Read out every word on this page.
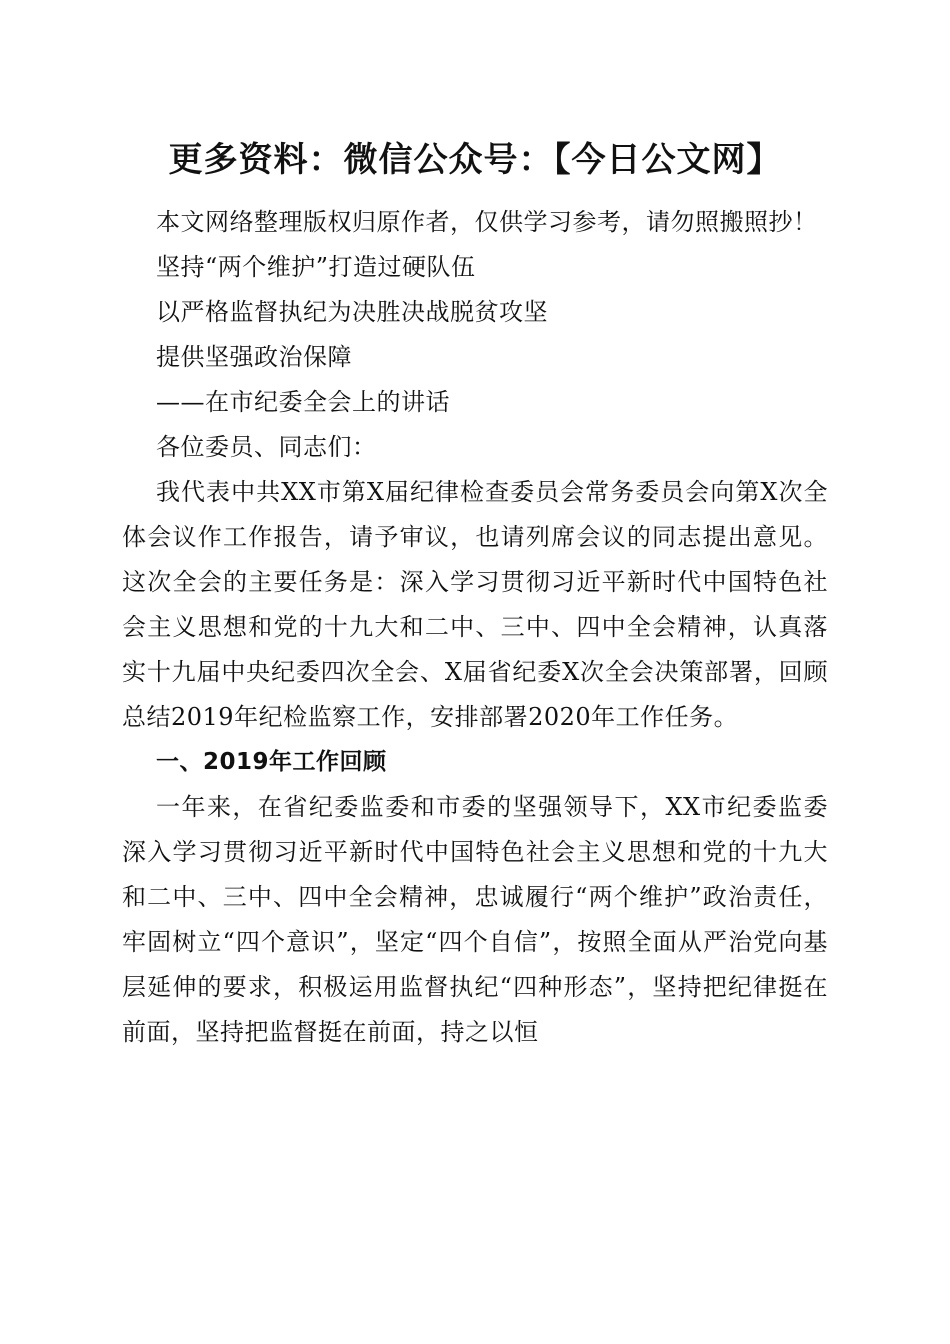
更多资料：微信公众号：【今日公文网】
本文网络整理版权归原作者，仅供学习参考，请勿照搬照抄！
坚持“两个维护”打造过硬队伍
以严格监督执纪为决胜决战脱贫攻坚
提供坚强政治保障
——在市纪委全会上的讲话
各位委员、同志们：
我代表中共XX市第X届纪律检查委员会常务委员会向第X次全体会议作工作报告，请予审议，也请列席会议的同志提出意见。这次全会的主要任务是：深入学习贯彻习近平新时代中国特色社会主义思想和党的十九大和二中、三中、四中全会精神，认真落实十九届中央纪委四次全会、X届省纪委X次全会决策部署，回顾总结2019年纪检监察工作，安排部署2020年工作任务。
一、2019年工作回顾
一年来，在省纪委监委和市委的坚强领导下，XX市纪委监委深入学习贯彻习近平新时代中国特色社会主义思想和党的十九大和二中、三中、四中全会精神，忠诚履行“两个维护”政治责任，牢固树立“四个意识”，坚定“四个自信”，按照全面从严治党向基层延伸的要求，积极运用监督执纪“四种形态”，坚持把纪律挺在前面，坚持把监督挺在前面，持之以恒
